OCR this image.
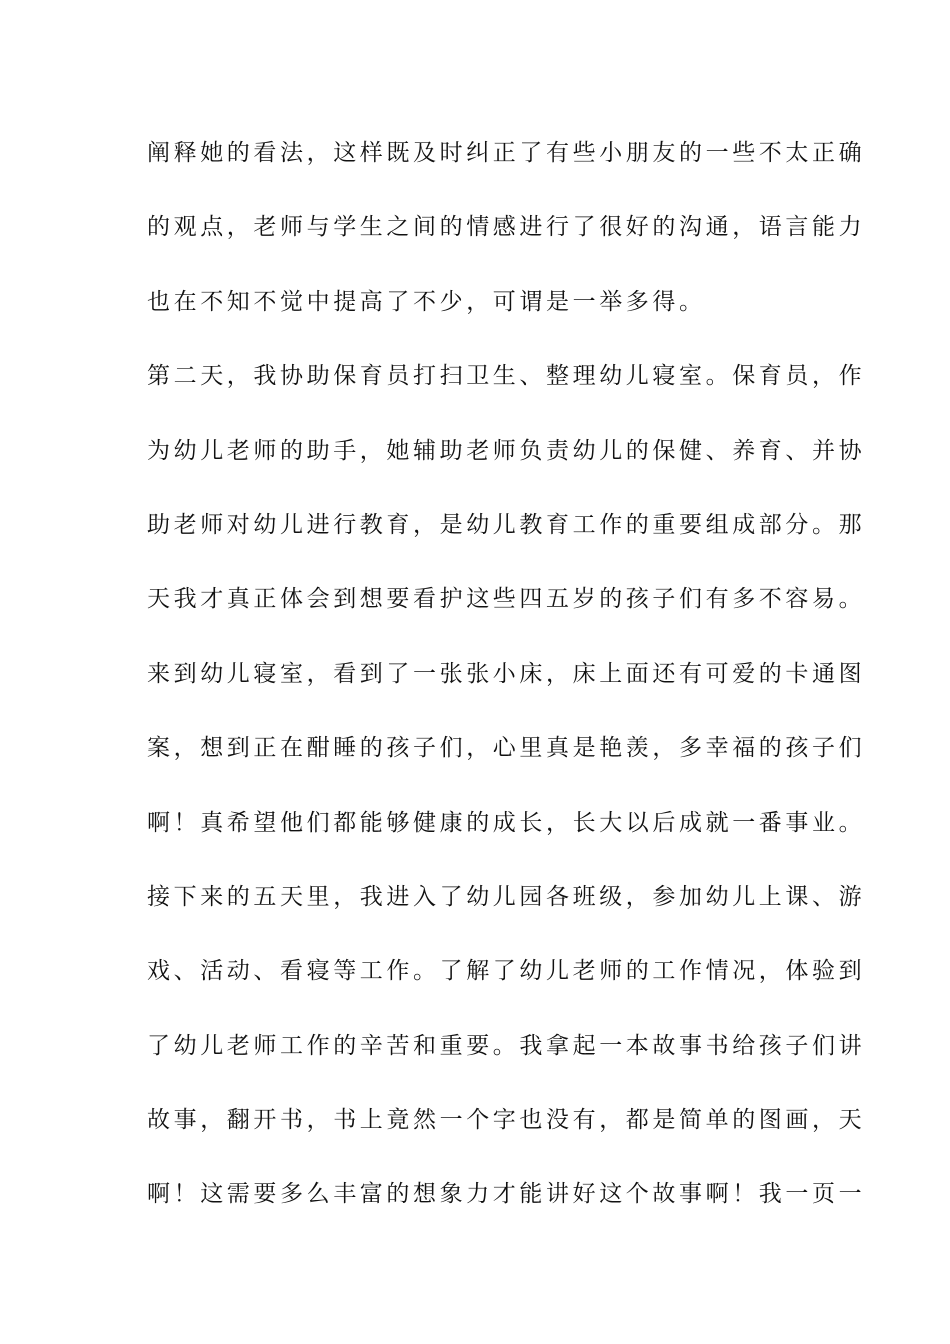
阐释她的看法，这样既及时纠正了有些小朋友的一些不太正确
的观点，老师与学生之间的情感进行了很好的沟通，语言能力
也在不知不觉中提高了不少，可谓是一举多得。
第二天，我协助保育员打扫卫生、整理幼儿寝室。保育员，作
为幼儿老师的助手，她辅助老师负责幼儿的保健、养育、并协
助老师对幼儿进行教育，是幼儿教育工作的重要组成部分。那
天我才真正体会到想要看护这些四五岁的孩子们有多不容易。
来到幼儿寝室，看到了一张张小床，床上面还有可爱的卡通图
案，想到正在酣睡的孩子们，心里真是艳羡，多幸福的孩子们
啊！真希望他们都能够健康的成长，长大以后成就一番事业。
接下来的五天里，我进入了幼儿园各班级，参加幼儿上课、游
戏、活动、看寝等工作。了解了幼儿老师的工作情况，体验到
了幼儿老师工作的辛苦和重要。我拿起一本故事书给孩子们讲
故事，翻开书，书上竟然一个字也没有，都是简单的图画，天
啊！这需要多么丰富的想象力才能讲好这个故事啊！我一页一
